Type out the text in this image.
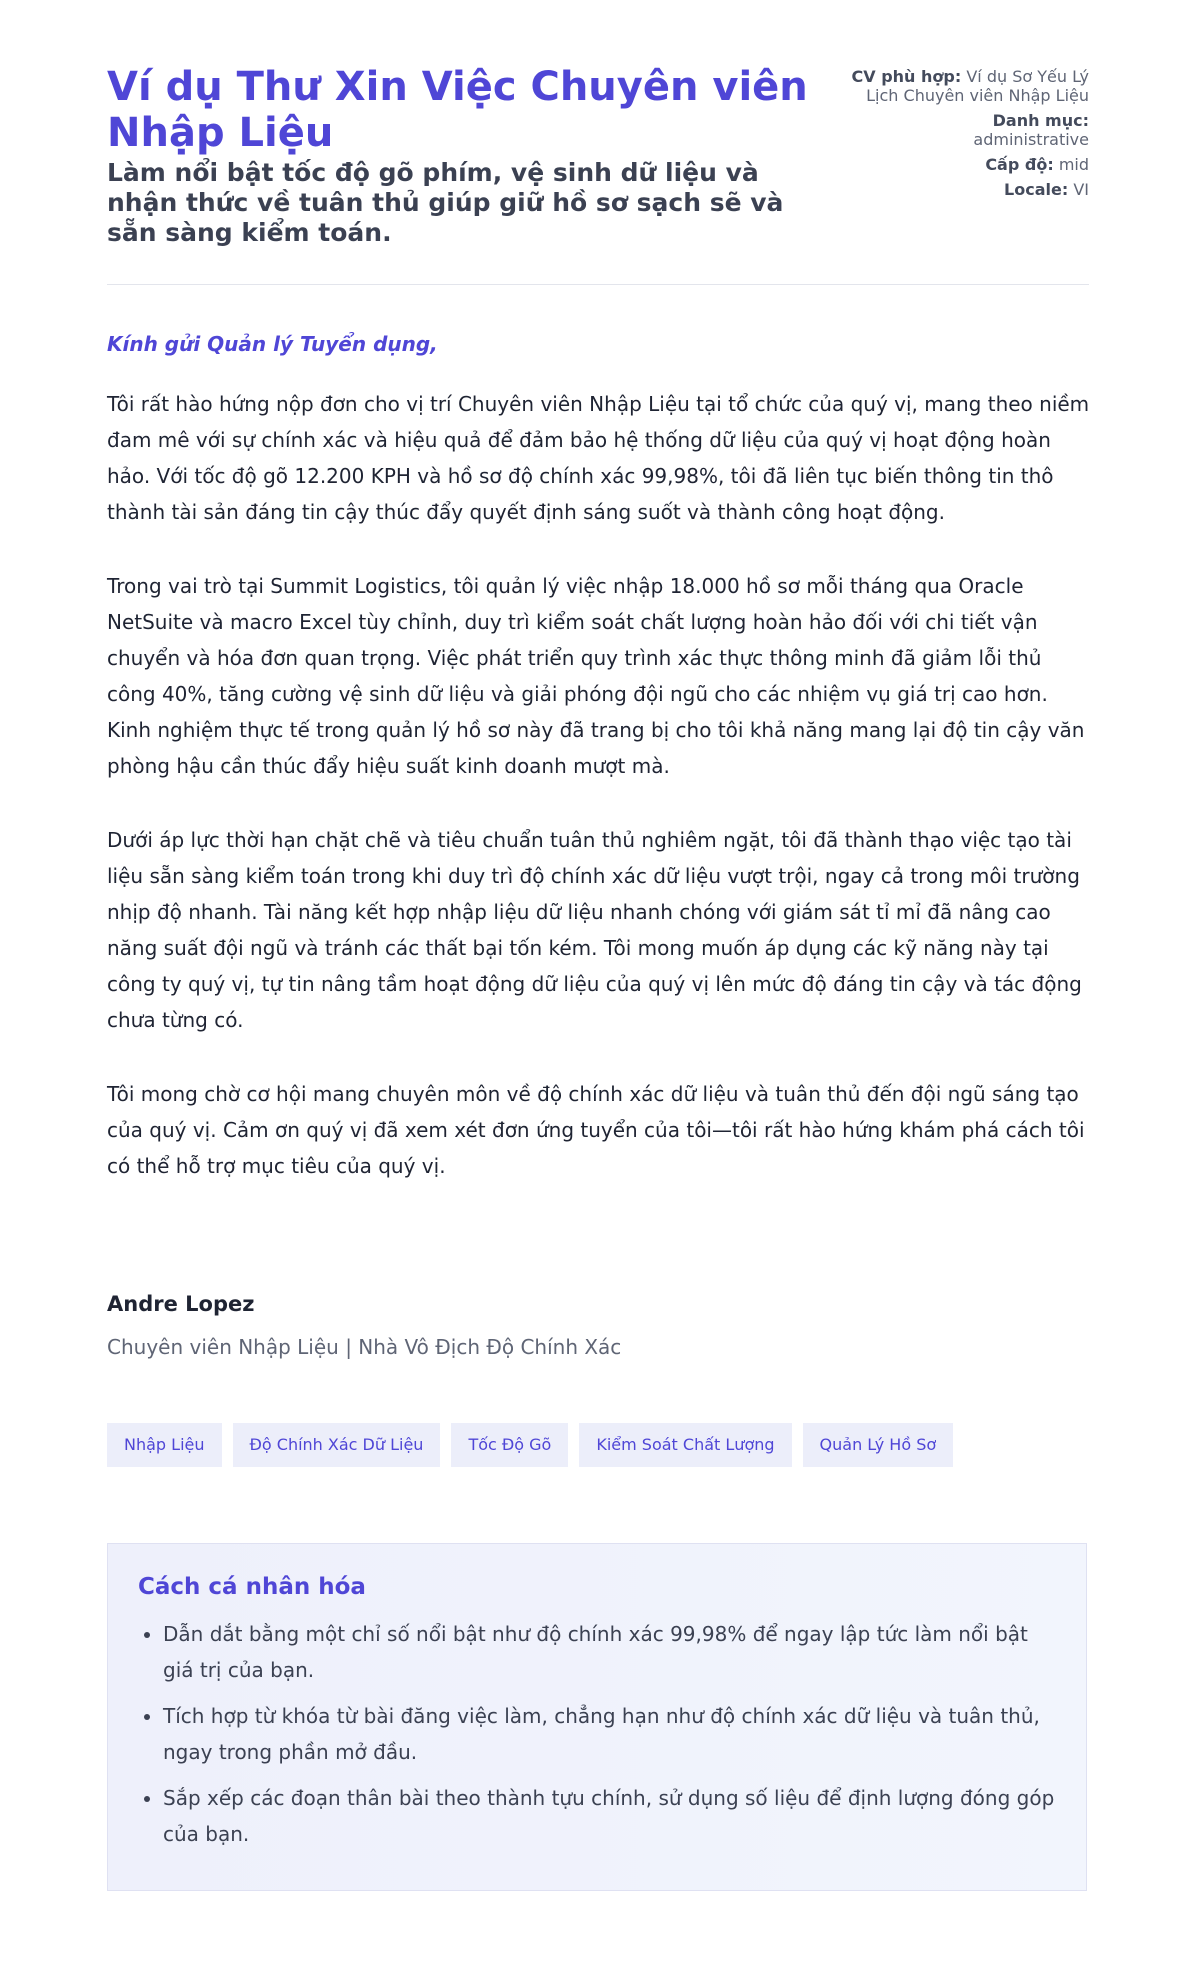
Ví dụ Thư Xin Việc Chuyên viên Nhập Liệu

Làm nổi bật tốc độ gõ phím, vệ sinh dữ liệu và nhận thức về tuân thủ giúp giữ hồ sơ sạch sẽ và sẵn sàng kiểm toán.

CV phù hợp: Ví dụ Sơ Yếu Lý Lịch Chuyên viên Nhập Liệu
Danh mục:
administrative
Cấp độ: mid
Locale: VI

Kính gửi Quản lý Tuyển dụng,

Tôi rất hào hứng nộp đơn cho vị trí Chuyên viên Nhập Liệu tại tổ chức của quý vị, mang theo niềm đam mê với sự chính xác và hiệu quả để đảm bảo hệ thống dữ liệu của quý vị hoạt động hoàn hảo. Với tốc độ gõ 12.200 KPH và hồ sơ độ chính xác 99,98%, tôi đã liên tục biến thông tin thô thành tài sản đáng tin cậy thúc đẩy quyết định sáng suốt và thành công hoạt động.

Trong vai trò tại Summit Logistics, tôi quản lý việc nhập 18.000 hồ sơ mỗi tháng qua Oracle NetSuite và macro Excel tùy chỉnh, duy trì kiểm soát chất lượng hoàn hảo đối với chi tiết vận chuyển và hóa đơn quan trọng. Việc phát triển quy trình xác thực thông minh đã giảm lỗi thủ công 40%, tăng cường vệ sinh dữ liệu và giải phóng đội ngũ cho các nhiệm vụ giá trị cao hơn. Kinh nghiệm thực tế trong quản lý hồ sơ này đã trang bị cho tôi khả năng mang lại độ tin cậy văn phòng hậu cần thúc đẩy hiệu suất kinh doanh mượt mà.

Dưới áp lực thời hạn chặt chẽ và tiêu chuẩn tuân thủ nghiêm ngặt, tôi đã thành thạo việc tạo tài liệu sẵn sàng kiểm toán trong khi duy trì độ chính xác dữ liệu vượt trội, ngay cả trong môi trường nhịp độ nhanh. Tài năng kết hợp nhập liệu dữ liệu nhanh chóng với giám sát tỉ mỉ đã nâng cao năng suất đội ngũ và tránh các thất bại tốn kém. Tôi mong muốn áp dụng các kỹ năng này tại công ty quý vị, tự tin nâng tầm hoạt động dữ liệu của quý vị lên mức độ đáng tin cậy và tác động chưa từng có.

Tôi mong chờ cơ hội mang chuyên môn về độ chính xác dữ liệu và tuân thủ đến đội ngũ sáng tạo của quý vị. Cảm ơn quý vị đã xem xét đơn ứng tuyển của tôi—tôi rất hào hứng khám phá cách tôi có thể hỗ trợ mục tiêu của quý vị.

Andre Lopez

Chuyên viên Nhập Liệu | Nhà Vô Địch Độ Chính Xác

Nhập Liệu	Độ Chính Xác Dữ Liệu	Tốc Độ Gõ	Kiểm Soát Chất Lượng	Quản Lý Hồ Sơ
Cách cá nhân hóa
• Dẫn dắt bằng một chỉ số nổi bật như độ chính xác 99,98% để ngay lập tức làm nổi bật giá trị của bạn.
• Tích hợp từ khóa từ bài đăng việc làm, chẳng hạn như độ chính xác dữ liệu và tuân thủ, ngay trong phần mở đầu.
• Sắp xếp các đoạn thân bài theo thành tựu chính, sử dụng số liệu để định lượng đóng góp của bạn.
